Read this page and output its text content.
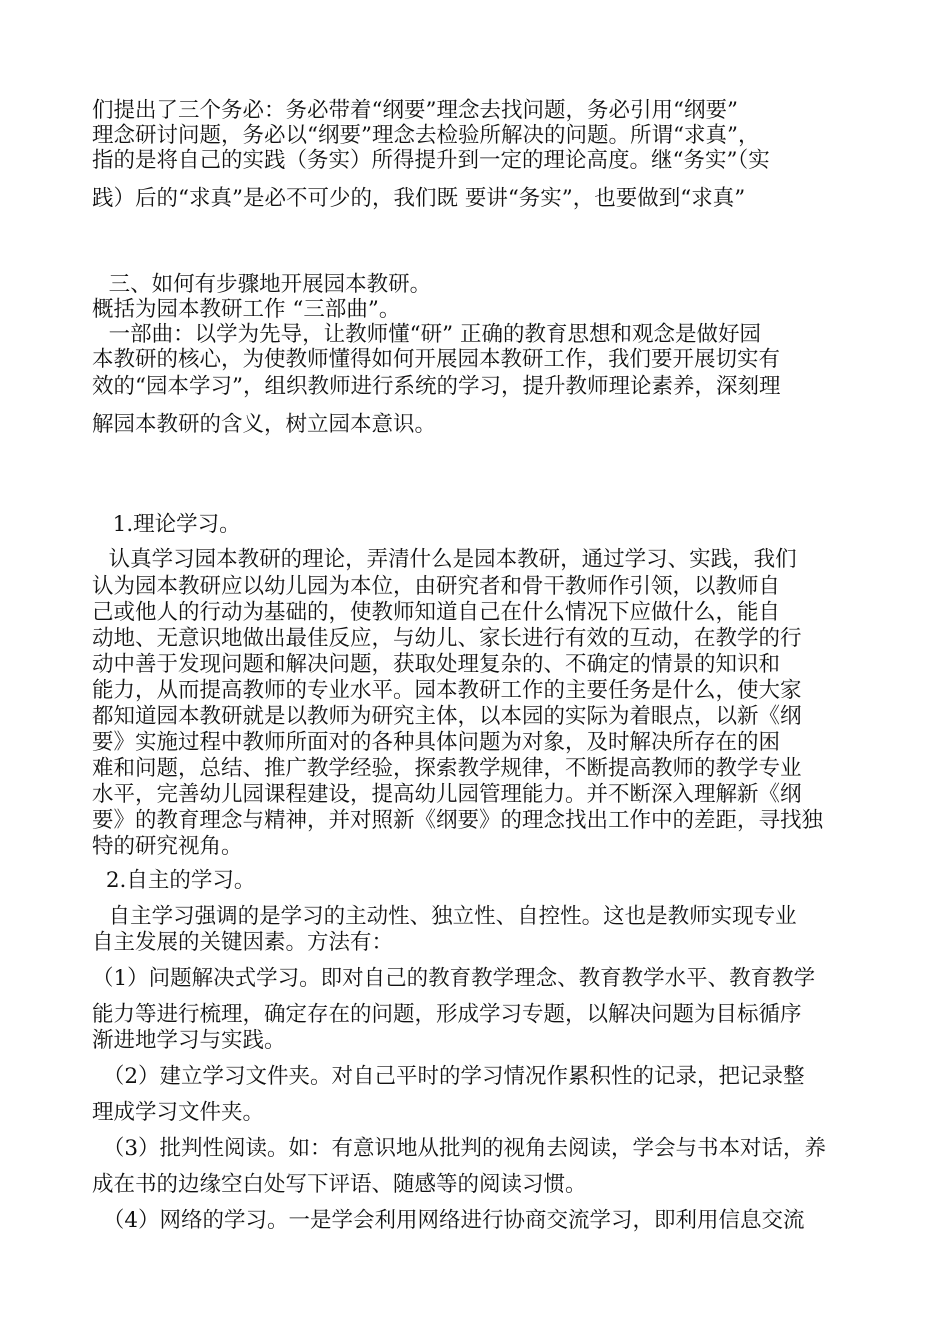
们提出了三个务必：务必带着“纲要”理念去找问题，务必引用“纲要”
理念研讨问题，务必以“纲要”理念去检验所解决的问题。所谓“求真”，
指的是将自己的实践（务实）所得提升到一定的理论高度。继“务实”（实
践）后的“求真”是必不可少的，我们既 要讲“务实”，也要做到“求真”
三、如何有步骤地开展园本教研。
概括为园本教研工作 “三部曲”。
一部曲：以学为先导，让教师懂“研” 正确的教育思想和观念是做好园
本教研的核心，为使教师懂得如何开展园本教研工作，我们要开展切实有
效的“园本学习”，组织教师进行系统的学习，提升教师理论素养，深刻理
解园本教研的含义，树立园本意识。
1.理论学习。
认真学习园本教研的理论，弄清什么是园本教研，通过学习、实践，我们
认为园本教研应以幼儿园为本位，由研究者和骨干教师作引领，以教师自
己或他人的行动为基础的，使教师知道自己在什么情况下应做什么，能自
动地、无意识地做出最佳反应，与幼儿、家长进行有效的互动，在教学的行
动中善于发现问题和解决问题，获取处理复杂的、不确定的情景的知识和
能力，从而提高教师的专业水平。园本教研工作的主要任务是什么，使大家
都知道园本教研就是以教师为研究主体，以本园的实际为着眼点，以新《纲
要》实施过程中教师所面对的各种具体问题为对象，及时解决所存在的困
难和问题，总结、推广教学经验，探索教学规律，不断提高教师的教学专业
水平，完善幼儿园课程建设，提高幼儿园管理能力。并不断深入理解新《纲
要》的教育理念与精神，并对照新《纲要》的理念找出工作中的差距，寻找独
特的研究视角。
2.自主的学习。
自主学习强调的是学习的主动性、独立性、自控性。这也是教师实现专业
自主发展的关键因素。方法有：
（1）问题解决式学习。即对自己的教育教学理念、教育教学水平、教育教学
能力等进行梳理，确定存在的问题，形成学习专题，以解决问题为目标循序
渐进地学习与实践。
（2）建立学习文件夹。对自己平时的学习情况作累积性的记录，把记录整
理成学习文件夹。
（3）批判性阅读。如：有意识地从批判的视角去阅读，学会与书本对话，养
成在书的边缘空白处写下评语、随感等的阅读习惯。
（4）网络的学习。一是学会利用网络进行协商交流学习，即利用信息交流
